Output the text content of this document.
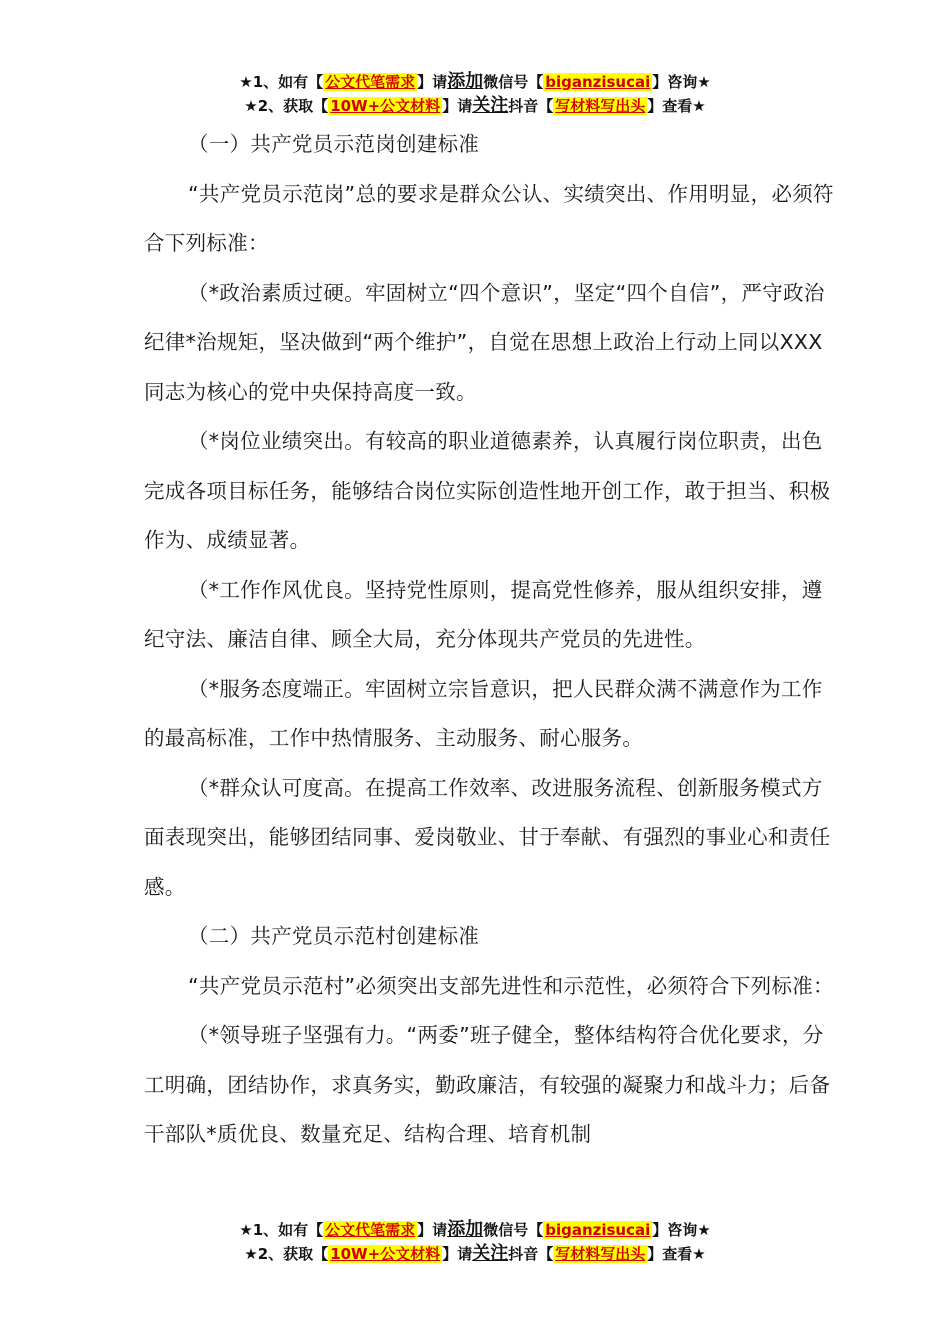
★1、如有【 公文代笔需求 】请添加微信号【 biganzisucai 】咨询★
★2、获取【 10W+公文材料 】请关注抖音【 写材料写出头 】查看★

（一）共产党员示范岗创建标准

“共产党员示范岗”总的要求是群众公认、实绩突出、作用明显，必须符合下列标准：

（*政治素质过硬。牢固树立“四个意识”，坚定“四个自信”，严守政治纪律*治规矩，坚决做到“两个维护”，自觉在思想上政治上行动上同以XXX同志为核心的党中央保持高度一致。

（*岗位业绩突出。有较高的职业道德素养，认真履行岗位职责，出色完成各项目标任务，能够结合岗位实际创造性地开创工作，敢于担当、积极作为、成绩显著。

（*工作作风优良。坚持党性原则，提高党性修养，服从组织安排，遵纪守法、廉洁自律、顾全大局，充分体现共产党员的先进性。

（*服务态度端正。牢固树立宗旨意识，把人民群众满不满意作为工作的最高标准，工作中热情服务、主动服务、耐心服务。

（*群众认可度高。在提高工作效率、改进服务流程、创新服务模式方面表现突出，能够团结同事、爱岗敬业、甘于奉献、有强烈的事业心和责任感。

（二）共产党员示范村创建标准

“共产党员示范村”必须突出支部先进性和示范性，必须符合下列标准：

（*领导班子坚强有力。“两委”班子健全，整体结构符合优化要求，分工明确，团结协作，求真务实，勤政廉洁，有较强的凝聚力和战斗力；后备干部队*质优良、数量充足、结构合理、培育机制

★1、如有【 公文代笔需求 】请添加微信号【 biganzisucai 】咨询★
★2、获取【 10W+公文材料 】请关注抖音【 写材料写出头 】查看★
